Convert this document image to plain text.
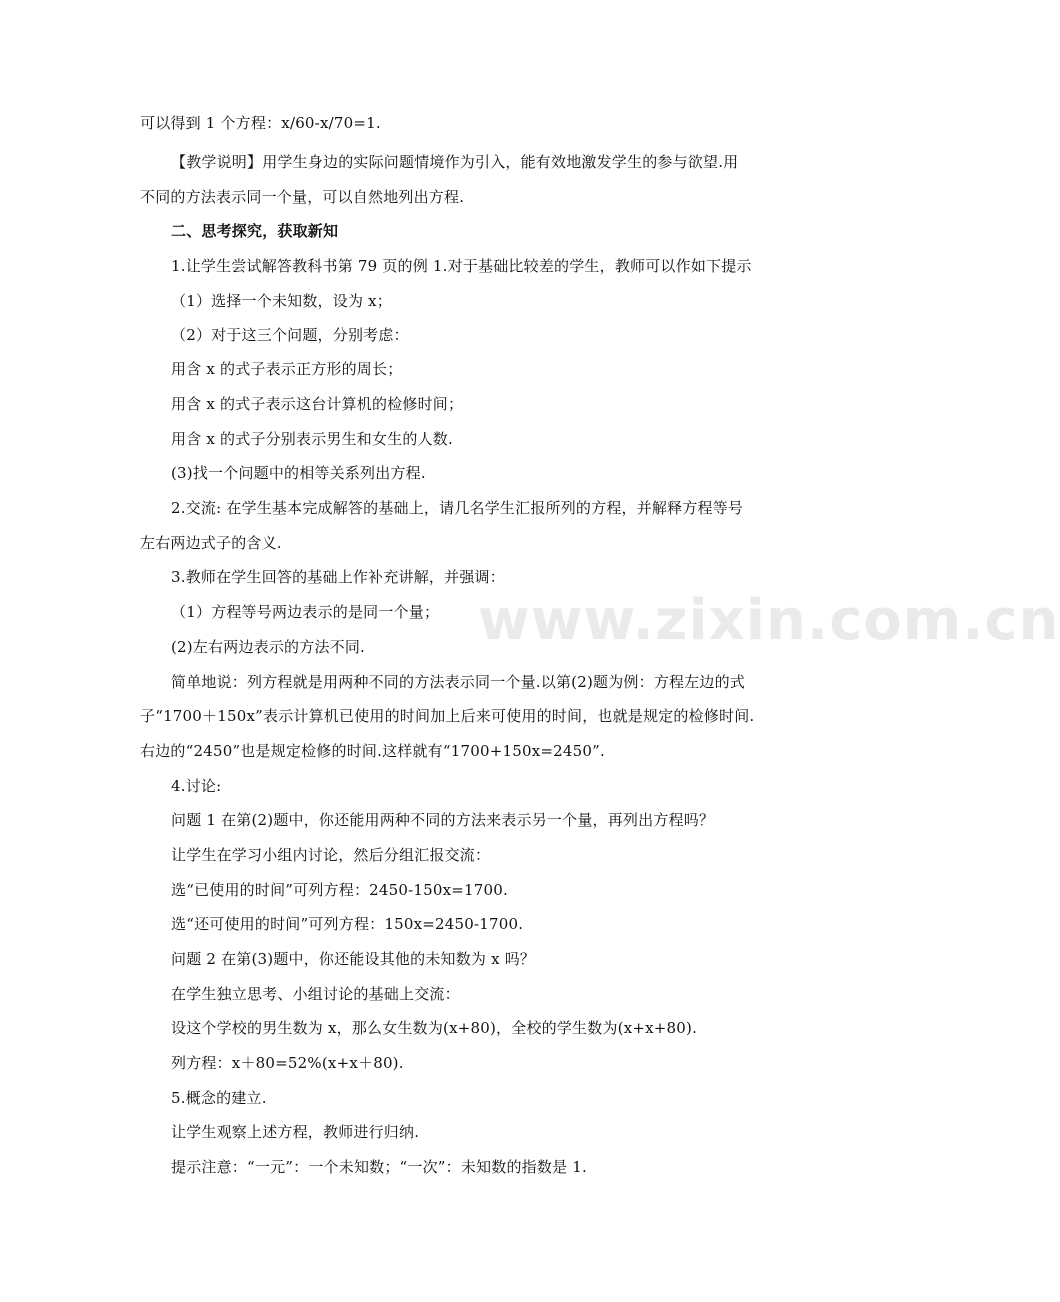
可以得到 1 个方程：x/60-x/70=1.
【教学说明】用学生身边的实际问题情境作为引入，能有效地激发学生的参与欲望.用
不同的方法表示同一个量，可以自然地列出方程.
二、思考探究，获取新知
1.让学生尝试解答教科书第 79 页的例 1.对于基础比较差的学生，教师可以作如下提示
（1）选择一个未知数，设为 x；
（2）对于这三个问题，分别考虑：
用含 x 的式子表示正方形的周长；
用含 x 的式子表示这台计算机的检修时间；
用含 x 的式子分别表示男生和女生的人数.
(3)找一个问题中的相等关系列出方程.
2.交流: 在学生基本完成解答的基础上，请几名学生汇报所列的方程，并解释方程等号
左右两边式子的含义.
3.教师在学生回答的基础上作补充讲解，并强调：
（1）方程等号两边表示的是同一个量；
(2)左右两边表示的方法不同.
简单地说：列方程就是用两种不同的方法表示同一个量.以第(2)题为例：方程左边的式
子“1700＋150x”表示计算机已使用的时间加上后来可使用的时间，也就是规定的检修时间.
右边的“2450”也是规定检修的时间.这样就有“1700+150x=2450”.
4.讨论:
问题 1 在第(2)题中，你还能用两种不同的方法来表示另一个量，再列出方程吗？
让学生在学习小组内讨论，然后分组汇报交流：
选“已使用的时间”可列方程：2450-150x=1700.
选“还可使用的时间”可列方程：150x=2450-1700.
问题 2 在第(3)题中，你还能设其他的未知数为 x 吗？
在学生独立思考、小组讨论的基础上交流：
设这个学校的男生数为 x，那么女生数为(x+80)，全校的学生数为(x+x+80).
列方程：x＋80=52%(x+x＋80).
5.概念的建立.
让学生观察上述方程，教师进行归纳.
提示注意：“一元”：一个未知数；“一次”：未知数的指数是 1.
www.zixin.com.cn
